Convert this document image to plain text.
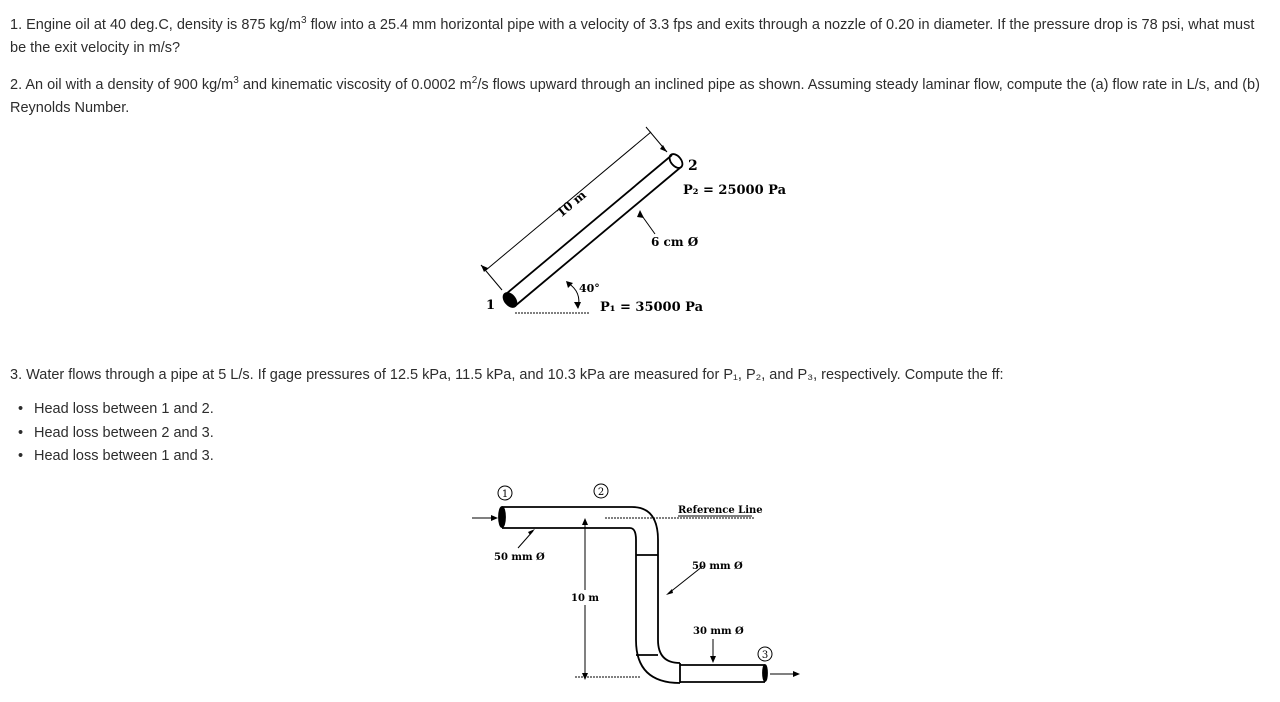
1. Engine oil at 40 deg.C, density is 875 $kg/m^3$ flow into a 25.4 mm horizontal pipe with a velocity of 3.3 fps and exits through a nozzle of 0.20 in diameter. If the pressure drop is 78 psi, what must be the exit velocity in m/s?

2. An oil with a density of 900 $kg/m^3$ and kinematic viscosity of 0.0002 $m^2/s$ flows upward through an inclined pipe as shown. Assuming steady laminar flow, compute the (a) flow rate in L/s, and (b) Reynolds Number.

3. Water flows through a pipe at 5 L/s. If gage pressures of 12.5 kPa, 11.5 kPa, and 10.3 kPa are measured for P₁, P₂, and P₃, respectively. Compute the ff:

• Head loss between 1 and 2.
• Head loss between 2 and 3.
• Head loss between 1 and 3.
10 m
2
P₂ = 25000 Pa
6 cm Ø
40°
1	P₁ = 35000 Pa
1	2
3
Reference Line
50 mm Ø
50 mm Ø
30 mm Ø
10 m
